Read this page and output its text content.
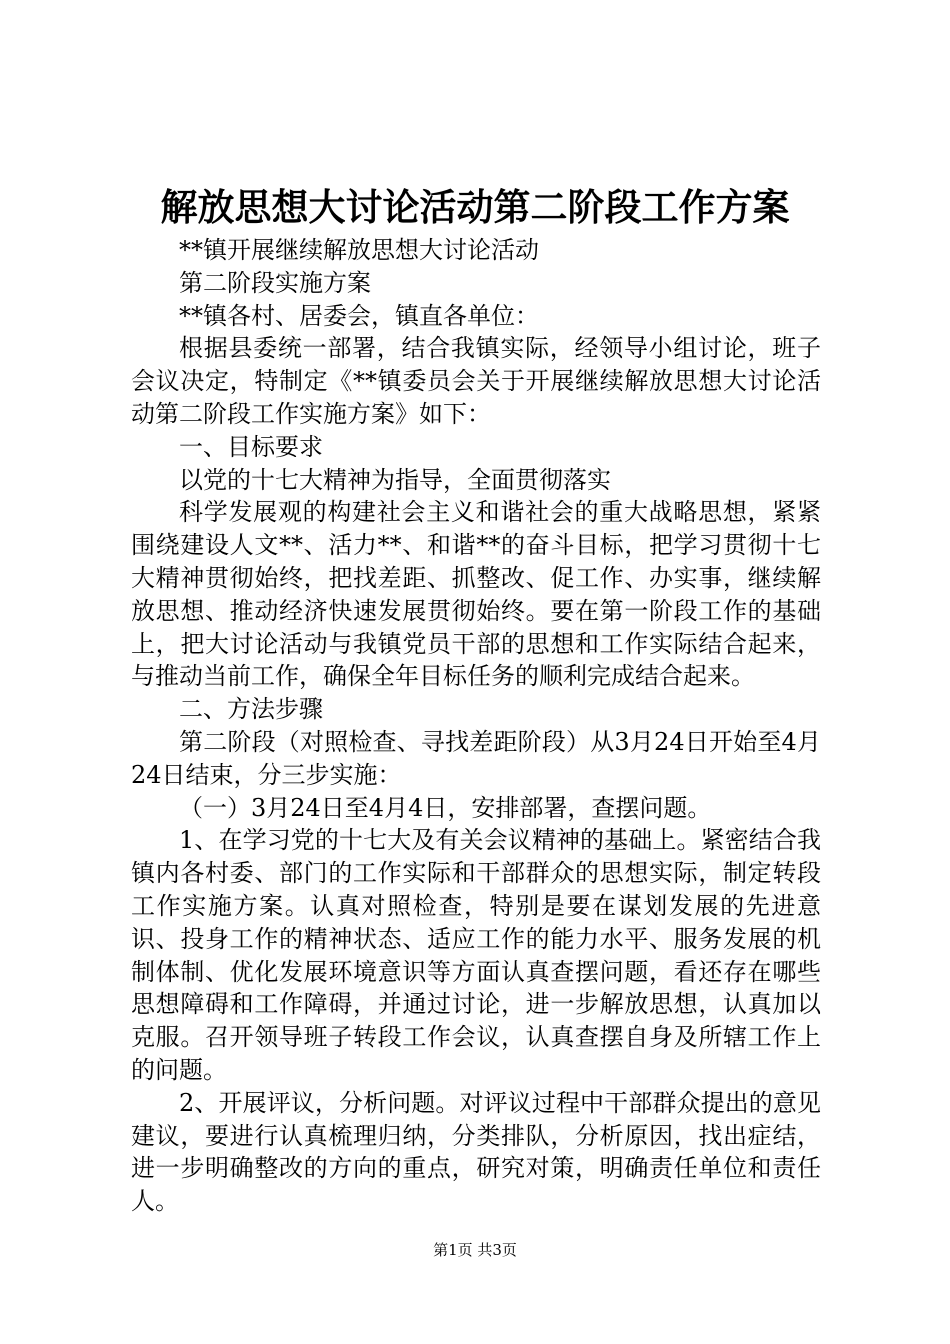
解放思想大讨论活动第二阶段工作方案

**镇开展继续解放思想大讨论活动

第二阶段实施方案

**镇各村、居委会，镇直各单位：

根据县委统一部署，结合我镇实际，经领导小组讨论，班子会议决定，特制定《**镇委员会关于开展继续解放思想大讨论活动第二阶段工作实施方案》如下：

一、目标要求

以党的十七大精神为指导，全面贯彻落实

科学发展观的构建社会主义和谐社会的重大战略思想，紧紧围绕建设人文**、活力**、和谐**的奋斗目标，把学习贯彻十七大精神贯彻始终，把找差距、抓整改、促工作、办实事，继续解放思想、推动经济快速发展贯彻始终。要在第一阶段工作的基础上，把大讨论活动与我镇党员干部的思想和工作实际结合起来，与推动当前工作，确保全年目标任务的顺利完成结合起来。

二、方法步骤

第二阶段（对照检查、寻找差距阶段）从3月24日开始至4月24日结束，分三步实施：

（一）3月24日至4月4日，安排部署，查摆问题。

1、在学习党的十七大及有关会议精神的基础上。紧密结合我镇内各村委、部门的工作实际和干部群众的思想实际，制定转段工作实施方案。认真对照检查，特别是要在谋划发展的先进意识、投身工作的精神状态、适应工作的能力水平、服务发展的机制体制、优化发展环境意识等方面认真查摆问题，看还存在哪些思想障碍和工作障碍，并通过讨论，进一步解放思想，认真加以克服。召开领导班子转段工作会议，认真查摆自身及所辖工作上的问题。

2、开展评议，分析问题。对评议过程中干部群众提出的意见建议，要进行认真梳理归纳，分类排队，分析原因，找出症结，进一步明确整改的方向的重点，研究对策，明确责任单位和责任人。

第1页 共3页
